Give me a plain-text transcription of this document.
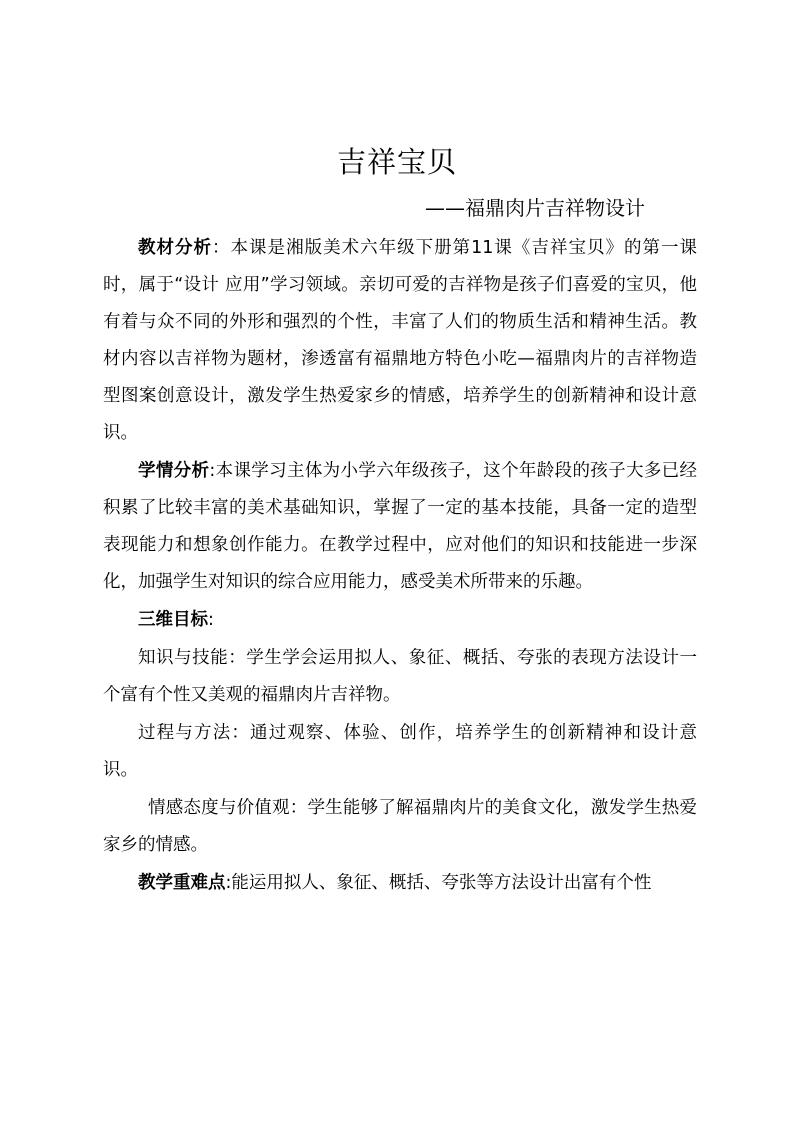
吉祥宝贝

——福鼎肉片吉祥物设计

教材分析：本课是湘版美术六年级下册第11课《吉祥宝贝》的第一课时，属于“设计 应用”学习领域。亲切可爱的吉祥物是孩子们喜爱的宝贝，他有着与众不同的外形和强烈的个性，丰富了人们的物质生活和精神生活。教材内容以吉祥物为题材，渗透富有福鼎地方特色小吃—福鼎肉片的吉祥物造型图案创意设计，激发学生热爱家乡的情感，培养学生的创新精神和设计意识。

学情分析:本课学习主体为小学六年级孩子，这个年龄段的孩子大多已经积累了比较丰富的美术基础知识，掌握了一定的基本技能，具备一定的造型表现能力和想象创作能力。在教学过程中，应对他们的知识和技能进一步深化，加强学生对知识的综合应用能力，感受美术所带来的乐趣。

三维目标:

知识与技能：学生学会运用拟人、象征、概括、夸张的表现方法设计一个富有个性又美观的福鼎肉片吉祥物。

过程与方法：通过观察、体验、创作，培养学生的创新精神和设计意识。

情感态度与价值观：学生能够了解福鼎肉片的美食文化，激发学生热爱家乡的情感。

教学重难点:能运用拟人、象征、概括、夸张等方法设计出富有个性
